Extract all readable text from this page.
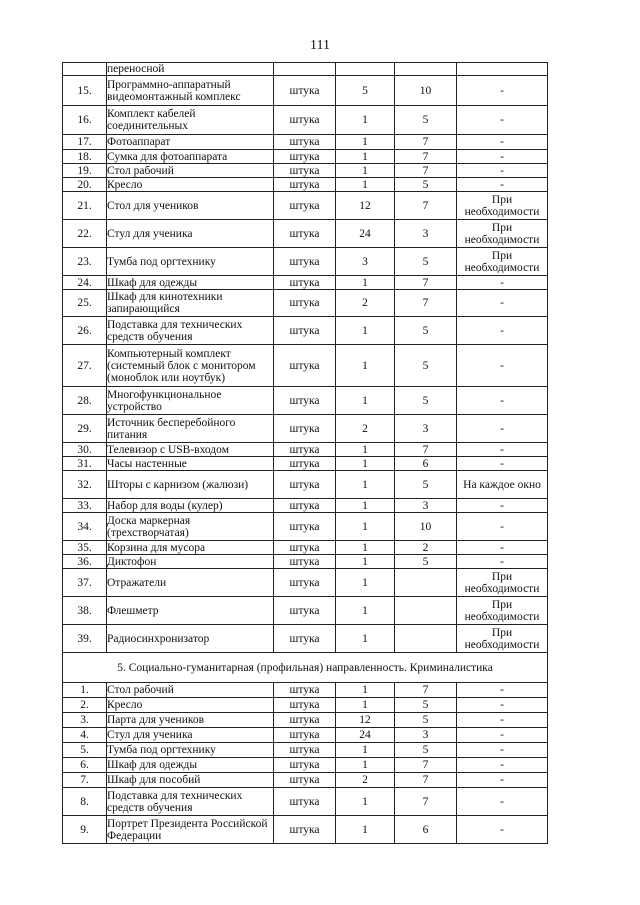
111
	переносной				
15.	Программно-аппаратный видеомонтажный комплекс	штука	5	10	-
16.	Комплект кабелей соединительных	штука	1	5	-
17.	Фотоаппарат	штука	1	7	-
18.	Сумка для фотоаппарата	штука	1	7	-
19.	Стол рабочий	штука	1	7	-
20.	Кресло	штука	1	5	-
21.	Стол для учеников	штука	12	7	При необходимости
22.	Стул для ученика	штука	24	3	При необходимости
23.	Тумба под оргтехнику	штука	3	5	При необходимости
24.	Шкаф для одежды	штука	1	7	-
25.	Шкаф для кинотехники запирающийся	штука	2	7	-
26.	Подставка для технических средств обучения	штука	1	5	-
27.	Компьютерный комплект (системный блок с монитором (моноблок или ноутбук)	штука	1	5	-
28.	Многофункциональное устройство	штука	1	5	-
29.	Источник бесперебойного питания	штука	2	3	-
30.	Телевизор с USB-входом	штука	1	7	-
31.	Часы настенные	штука	1	6	-
32.	Шторы с карнизом (жалюзи)	штука	1	5	На каждое окно
33.	Набор для воды (кулер)	штука	1	3	-
34.	Доска маркерная (трехстворчатая)	штука	1	10	-
35.	Корзина для мусора	штука	1	2	-
36.	Диктофон	штука	1	5	-
37.	Отражатели	штука	1		При необходимости
38.	Флешметр	штука	1		При необходимости
39.	Радиосинхронизатор	штука	1		При необходимости
5. Социально-гуманитарная (профильная) направленность. Криминалистика					
1.	Стол рабочий	штука	1	7	-
2.	Кресло	штука	1	5	-
3.	Парта для учеников	штука	12	5	-
4.	Стул для ученика	штука	24	3	-
5.	Тумба под оргтехнику	штука	1	5	-
6.	Шкаф для одежды	штука	1	7	-
7.	Шкаф для пособий	штука	2	7	-
8.	Подставка для технических средств обучения	штука	1	7	-
9.	Портрет Президента Российской Федерации	штука	1	6	-
